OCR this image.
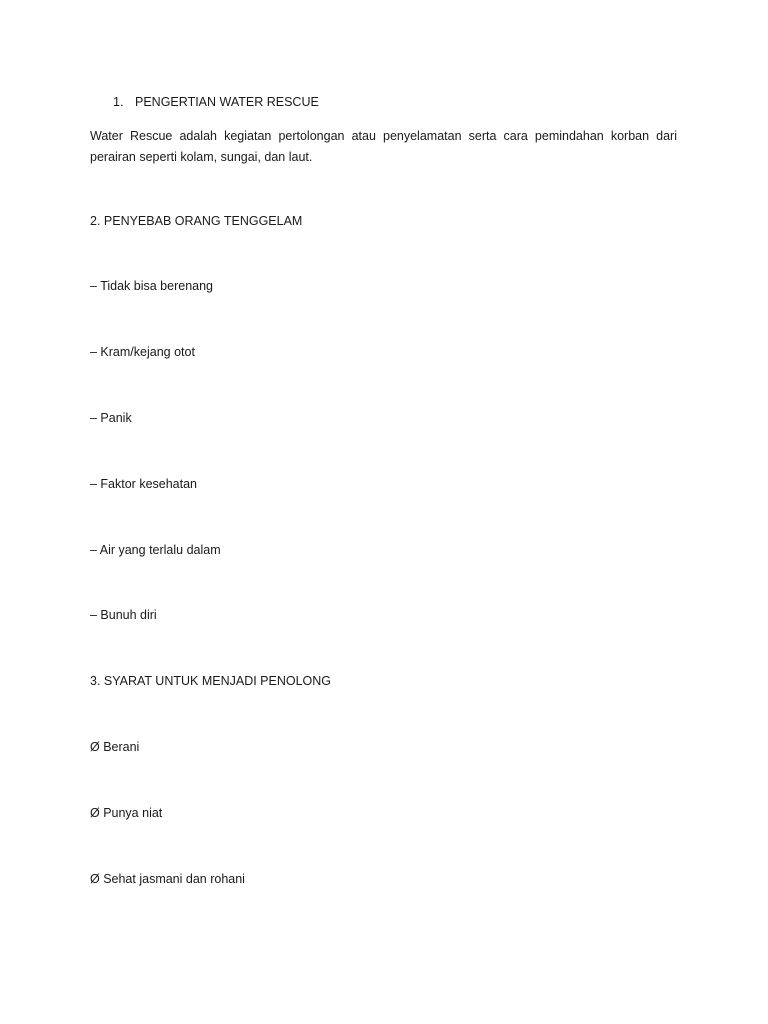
1. PENGERTIAN WATER RESCUE
Water Rescue adalah kegiatan pertolongan atau penyelamatan serta cara pemindahan korban dari perairan seperti kolam, sungai, dan laut.
2. PENYEBAB ORANG TENGGELAM
– Tidak bisa berenang
– Kram/kejang otot
– Panik
– Faktor kesehatan
– Air yang terlalu dalam
– Bunuh diri
3. SYARAT UNTUK MENJADI PENOLONG
Ø Berani
Ø Punya niat
Ø Sehat jasmani dan rohani
